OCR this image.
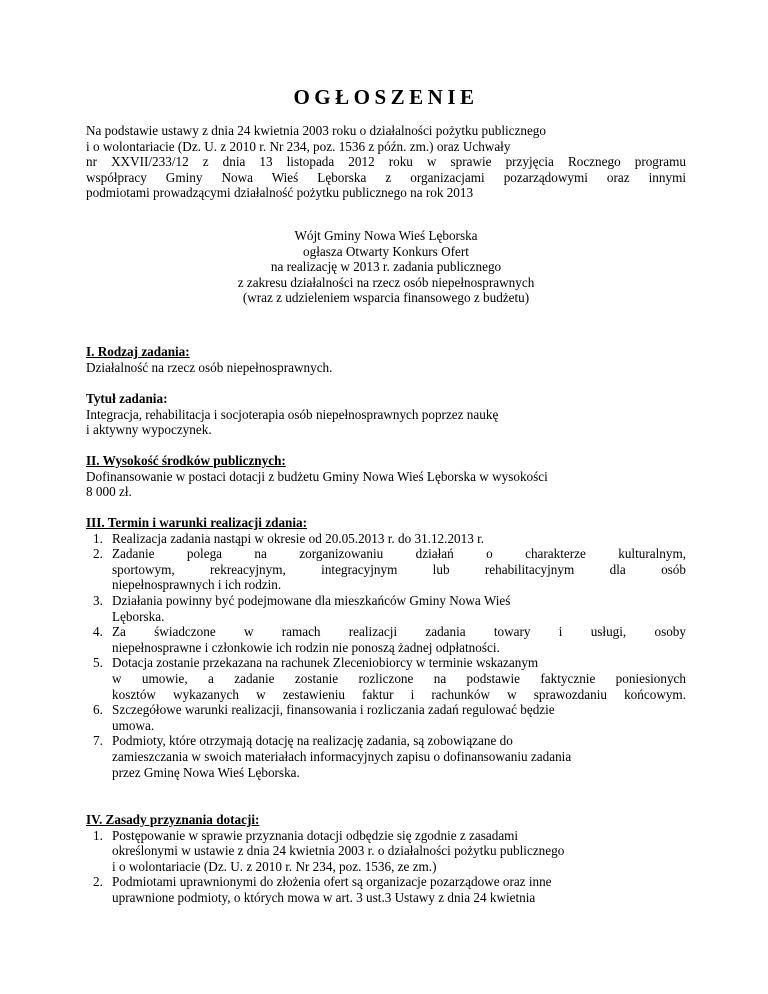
OGŁOSZENIE
Na podstawie ustawy z dnia 24 kwietnia 2003 roku o działalności pożytku publicznego
i o wolontariacie (Dz. U. z 2010 r. Nr 234, poz. 1536 z późn. zm.) oraz Uchwały
nr XXVII/233/12 z dnia 13 listopada 2012 roku w sprawie przyjęcia Rocznego programu
współpracy Gminy Nowa Wieś Lęborska z organizacjami pozarządowymi oraz innymi
podmiotami prowadzącymi działalność pożytku publicznego na rok 2013
Wójt Gminy Nowa Wieś Lęborska
ogłasza Otwarty Konkurs Ofert
na realizację w 2013 r. zadania publicznego
z zakresu działalności na rzecz osób niepełnosprawnych
(wraz z udzieleniem wsparcia finansowego z budżetu)
I. Rodzaj zadania:
Działalność na rzecz osób niepełnosprawnych.
Tytuł zadania:
Integracja, rehabilitacja i socjoterapia osób niepełnosprawnych poprzez naukę
i aktywny wypoczynek.
II. Wysokość środków publicznych:
Dofinansowanie w postaci dotacji z budżetu Gminy Nowa Wieś Lęborska w wysokości
8 000 zł.
III. Termin i warunki realizacji zdania:
1. Realizacja zadania nastąpi w okresie od 20.05.2013 r. do 31.12.2013 r.
2. Zadanie polega na zorganizowaniu działań o charakterze kulturalnym,
sportowym, rekreacyjnym, integracyjnym lub rehabilitacyjnym dla osób
niepełnosprawnych i ich rodzin.
3. Działania powinny być podejmowane dla mieszkańców Gminy Nowa Wieś
Lęborska.
4. Za świadczone w ramach realizacji zadania towary i usługi, osoby
niepełnosprawne i członkowie ich rodzin nie ponoszą żadnej odpłatności.
5. Dotacja zostanie przekazana na rachunek Zleceniobiorcy w terminie wskazanym
w umowie, a zadanie zostanie rozliczone na podstawie faktycznie poniesionych
kosztów wykazanych w zestawieniu faktur i rachunków w sprawozdaniu końcowym.
6. Szczegółowe warunki realizacji, finansowania i rozliczania zadań regulować będzie
umowa.
7. Podmioty, które otrzymają dotację na realizację zadania, są zobowiązane do
zamieszczania w swoich materiałach informacyjnych zapisu o dofinansowaniu zadania
przez Gminę Nowa Wieś Lęborska.
IV. Zasady przyznania dotacji:
1. Postępowanie w sprawie przyznania dotacji odbędzie się zgodnie z zasadami
określonymi w ustawie z dnia 24 kwietnia 2003 r. o działalności pożytku publicznego
i o wolontariacie (Dz. U. z 2010 r. Nr 234, poz. 1536, ze zm.)
2. Podmiotami uprawnionymi do złożenia ofert są organizacje pozarządowe oraz inne
uprawnione podmioty, o których mowa w art. 3 ust.3 Ustawy z dnia 24 kwietnia
